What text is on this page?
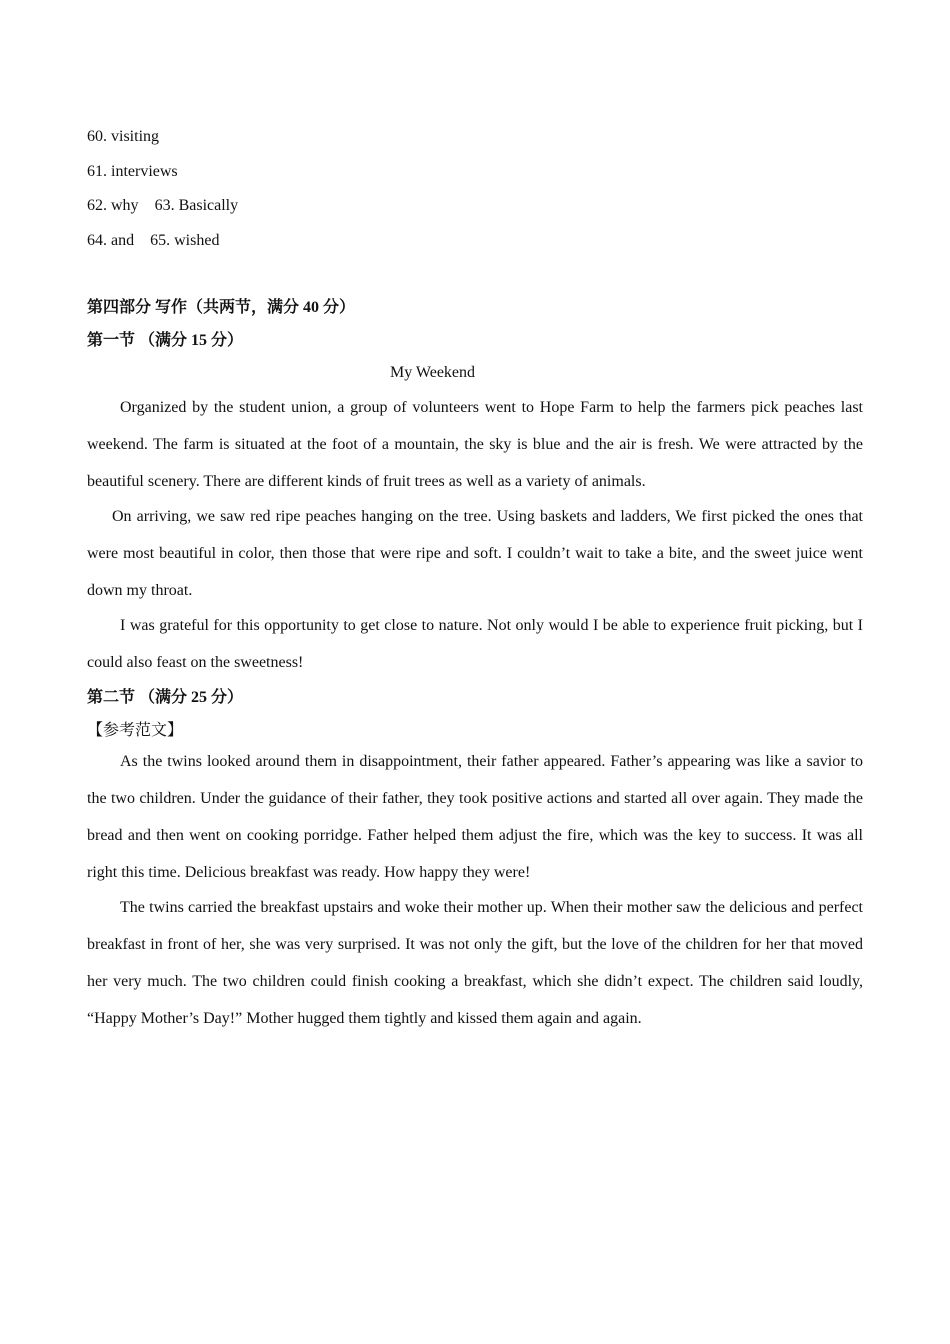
60. visiting
61. interviews
62. why 63. Basically
64. and 65. wished
第四部分 写作（共两节，满分 40 分）
第一节 （满分 15 分）
My Weekend

Organized by the student union, a group of volunteers went to Hope Farm to help the farmers pick peaches last weekend. The farm is situated at the foot of a mountain, the sky is blue and the air is fresh. We were attracted by the beautiful scenery. There are different kinds of fruit trees as well as a variety of animals.

On arriving, we saw red ripe peaches hanging on the tree. Using baskets and ladders, We first picked the ones that were most beautiful in color, then those that were ripe and soft. I couldn’t wait to take a bite, and the sweet juice went down my throat.

I was grateful for this opportunity to get close to nature. Not only would I be able to experience fruit picking, but I could also feast on the sweetness!

第二节 （满分 25 分）
【参考范文】

As the twins looked around them in disappointment, their father appeared. Father’s appearing was like a savior to the two children. Under the guidance of their father, they took positive actions and started all over again. They made the bread and then went on cooking porridge. Father helped them adjust the fire, which was the key to success. It was all right this time. Delicious breakfast was ready. How happy they were!

The twins carried the breakfast upstairs and woke their mother up. When their mother saw the delicious and perfect breakfast in front of her, she was very surprised. It was not only the gift, but the love of the children for her that moved her very much. The two children could finish cooking a breakfast, which she didn’t expect. The children said loudly, “Happy Mother’s Day!” Mother hugged them tightly and kissed them again and again.
